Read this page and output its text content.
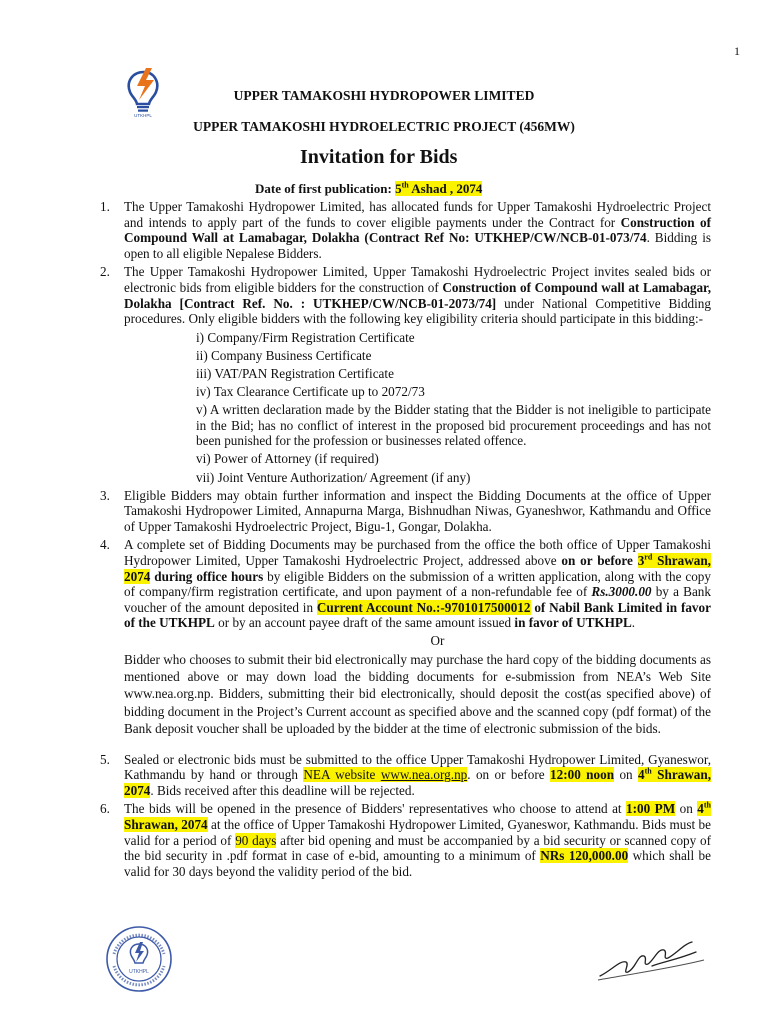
1
UTKHPL
UPPER TAMAKOSHI HYDROPOWER LIMITED
UPPER TAMAKOSHI HYDROELECTRIC PROJECT (456MW)
Invitation for Bids
Date of first publication: 5th Ashad , 2074
1. The Upper Tamakoshi Hydropower Limited, has allocated funds for Upper Tamakoshi Hydroelectric Project and intends to apply part of the funds to cover eligible payments under the Contract for Construction of Compound Wall at Lamabagar, Dolakha (Contract Ref No: UTKHEP/CW/NCB-01-073/74. Bidding is open to all eligible Nepalese Bidders.
2. The Upper Tamakoshi Hydropower Limited, Upper Tamakoshi Hydroelectric Project invites sealed bids or electronic bids from eligible bidders for the construction of Construction of Compound wall at Lamabagar, Dolakha [Contract Ref. No. : UTKHEP/CW/NCB-01-2073/74] under National Competitive Bidding procedures. Only eligible bidders with the following key eligibility criteria should participate in this bidding:-
i) Company/Firm Registration Certificate
ii) Company Business Certificate
iii) VAT/PAN Registration Certificate
iv) Tax Clearance Certificate up to 2072/73
v) A written declaration made by the Bidder stating that the Bidder is not ineligible to participate in the Bid; has no conflict of interest in the proposed bid procurement proceedings and has not been punished for the profession or businesses related offence.
vi) Power of Attorney (if required)
vii) Joint Venture Authorization/ Agreement (if any)
3. Eligible Bidders may obtain further information and inspect the Bidding Documents at the office of Upper Tamakoshi Hydropower Limited, Annapurna Marga, Bishnudhan Niwas, Gyaneshwor, Kathmandu and Office of Upper Tamakoshi Hydroelectric Project, Bigu-1, Gongar, Dolakha.
4. A complete set of Bidding Documents may be purchased from the office the both office of Upper Tamakoshi Hydropower Limited, Upper Tamakoshi Hydroelectric Project, addressed above on or before 3rd Shrawan, 2074 during office hours by eligible Bidders on the submission of a written application, along with the copy of company/firm registration certificate, and upon payment of a non-refundable fee of Rs.3000.00 by a Bank voucher of the amount deposited in Current Account No.:-9701017500012 of Nabil Bank Limited in favor of the UTKHPL or by an account payee draft of the same amount issued in favor of UTKHPL.
Or
Bidder who chooses to submit their bid electronically may purchase the hard copy of the bidding documents as mentioned above or may down load the bidding documents for e-submission from NEA’s Web Site www.nea.org.np. Bidders, submitting their bid electronically, should deposit the cost(as specified above) of bidding document in the Project’s Current account as specified above and the scanned copy (pdf format) of the Bank deposit voucher shall be uploaded by the bidder at the time of electronic submission of the bids.
5. Sealed or electronic bids must be submitted to the office Upper Tamakoshi Hydropower Limited, Gyaneswor, Kathmandu by hand or through NEA website www.nea.org.np. on or before 12:00 noon on 4th Shrawan, 2074. Bids received after this deadline will be rejected.
6. The bids will be opened in the presence of Bidders' representatives who choose to attend at 1:00 PM on 4th Shrawan, 2074 at the office of Upper Tamakoshi Hydropower Limited, Gyaneswor, Kathmandu. Bids must be valid for a period of 90 days after bid opening and must be accompanied by a bid security or scanned copy of the bid security in .pdf format in case of e-bid, amounting to a minimum of NRs 120,000.00 which shall be valid for 30 days beyond the validity period of the bid.
UTKHPL
